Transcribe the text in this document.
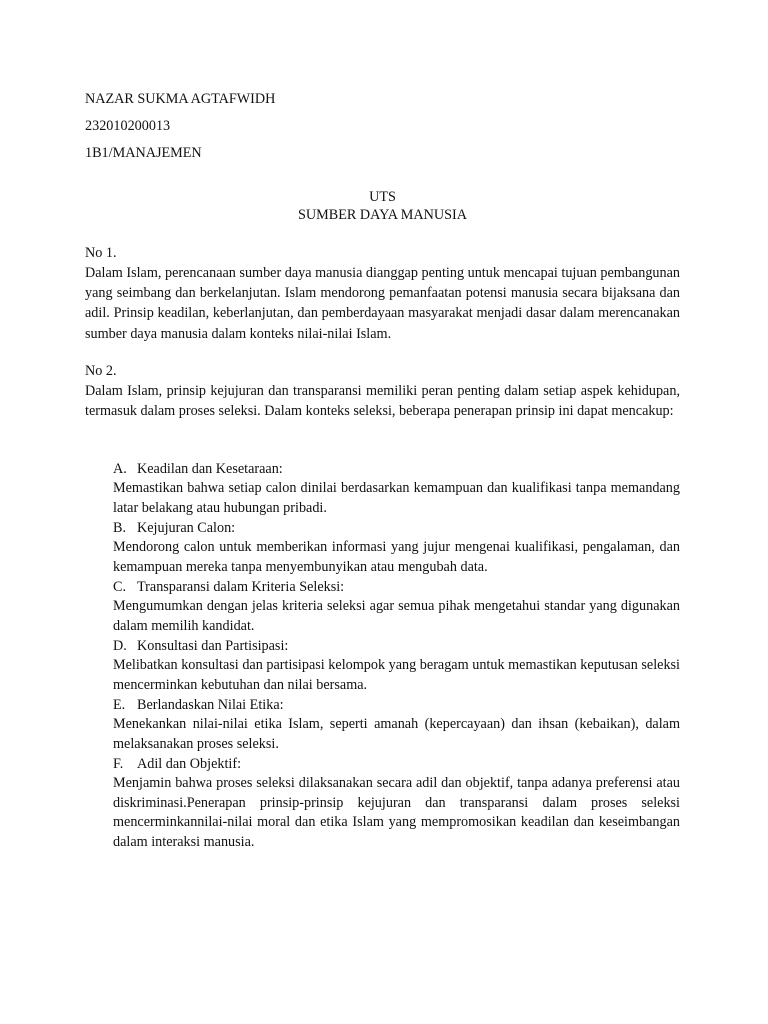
NAZAR SUKMA AGTAFWIDH
232010200013
1B1/MANAJEMEN
UTS
SUMBER DAYA MANUSIA

No 1.

Dalam Islam, perencanaan sumber daya manusia dianggap penting untuk mencapai tujuan pembangunan yang seimbang dan berkelanjutan. Islam mendorong pemanfaatan potensi manusia secara bijaksana dan adil. Prinsip keadilan, keberlanjutan, dan pemberdayaan masyarakat menjadi dasar dalam merencanakan sumber daya manusia dalam konteks nilai-nilai Islam.

No 2.

Dalam Islam, prinsip kejujuran dan transparansi memiliki peran penting dalam setiap aspek kehidupan, termasuk dalam proses seleksi. Dalam konteks seleksi, beberapa penerapan prinsip ini dapat mencakup:

A. Keadilan dan Kesetaraan:

Memastikan bahwa setiap calon dinilai berdasarkan kemampuan dan kualifikasi tanpa memandang latar belakang atau hubungan pribadi.

B. Kejujuran Calon:

Mendorong calon untuk memberikan informasi yang jujur mengenai kualifikasi, pengalaman, dan kemampuan mereka tanpa menyembunyikan atau mengubah data.

C. Transparansi dalam Kriteria Seleksi:

Mengumumkan dengan jelas kriteria seleksi agar semua pihak mengetahui standar yang digunakan dalam memilih kandidat.

D. Konsultasi dan Partisipasi:

Melibatkan konsultasi dan partisipasi kelompok yang beragam untuk memastikan keputusan seleksi mencerminkan kebutuhan dan nilai bersama.

E. Berlandaskan Nilai Etika:

Menekankan nilai-nilai etika Islam, seperti amanah (kepercayaan) dan ihsan (kebaikan), dalam melaksanakan proses seleksi.

F. Adil dan Objektif:

Menjamin bahwa proses seleksi dilaksanakan secara adil dan objektif, tanpa adanya preferensi atau diskriminasi.Penerapan prinsip-prinsip kejujuran dan transparansi dalam proses seleksi mencerminkannilai-nilai moral dan etika Islam yang mempromosikan keadilan dan keseimbangan dalam interaksi manusia.
